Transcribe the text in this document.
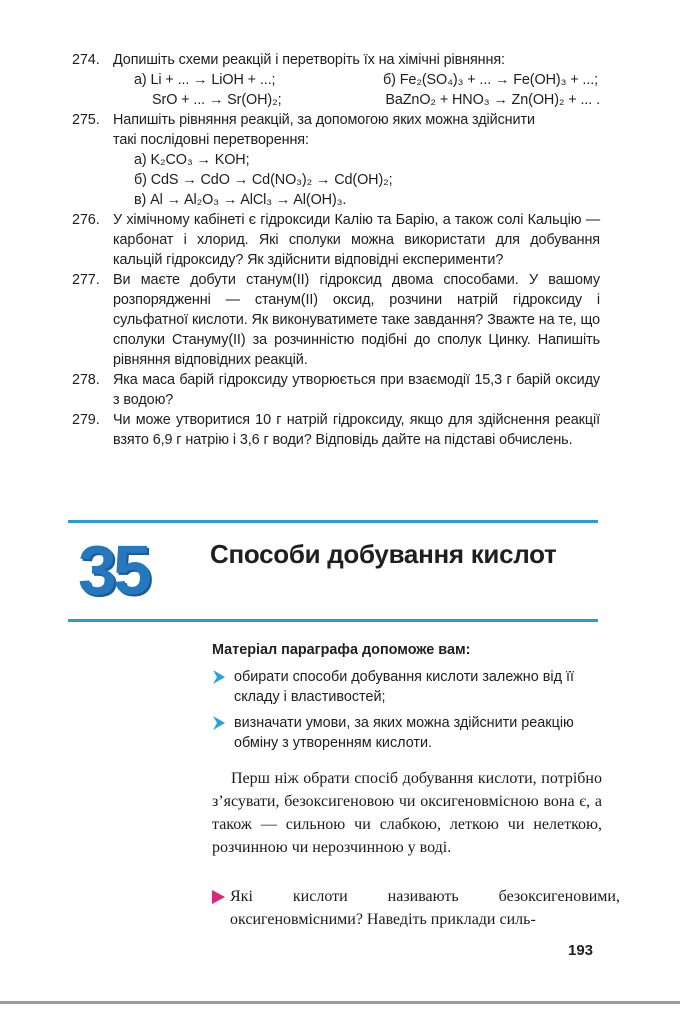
274. Допишіть схеми реакцій і перетворіть їх на хімічні рівняння:
а) Li + ... → LiOH + ...;	б) Fe₂(SO₄)₃ + ... → Fe(OH)₃ + ...;
SrO + ... → Sr(OH)₂;	BaZnO₂ + HNO₃ → Zn(OH)₂ + ... .
275. Напишіть рівняння реакцій, за допомогою яких можна здійснити
такі послідовні перетворення:
а) K₂CO₃ → KOH;
б) CdS → CdO → Cd(NO₃)₂ → Cd(OH)₂;
в) Al → Al₂O₃ → AlCl₃ → Al(OH)₃.
276. У хімічному кабінеті є гідроксиди Калію та Барію, а також солі Кальцію — карбонат і хлорид. Які сполуки можна використати для добування кальцій гідроксиду? Як здійснити відповідні експерименти?
277. Ви маєте добути станум(ІІ) гідроксид двома способами. У вашому розпорядженні — станум(ІІ) оксид, розчини натрій гідроксиду і сульфатної кислоти. Як виконуватимете таке завдання? Зважте на те, що сполуки Стануму(ІІ) за розчинністю подібні до сполук Цинку. Напишіть рівняння відповідних реакцій.
278. Яка маса барій гідроксиду утворюється при взаємодії 15,3 г барій оксиду з водою?
279. Чи може утворитися 10 г натрій гідроксиду, якщо для здійснення реакції взято 6,9 г натрію і 3,6 г води? Відповідь дайте на підставі обчислень.
35 Способи добування кислот
Матеріал параграфа допоможе вам:
обирати способи добування кислоти залежно від її складу і властивостей;
визначати умови, за яких можна здійснити реакцію обміну з утворенням кислоти.
Перш ніж обрати спосіб добування кислоти, потрібно з’ясувати, безоксигеновою чи оксигеновмісною вона є, а також — сильною чи слабкою, леткою чи нелеткою, розчинною чи нерозчинною у воді.
Які кислоти називають безоксигеновими, оксигеновмісними? Наведіть приклади силь-
193
